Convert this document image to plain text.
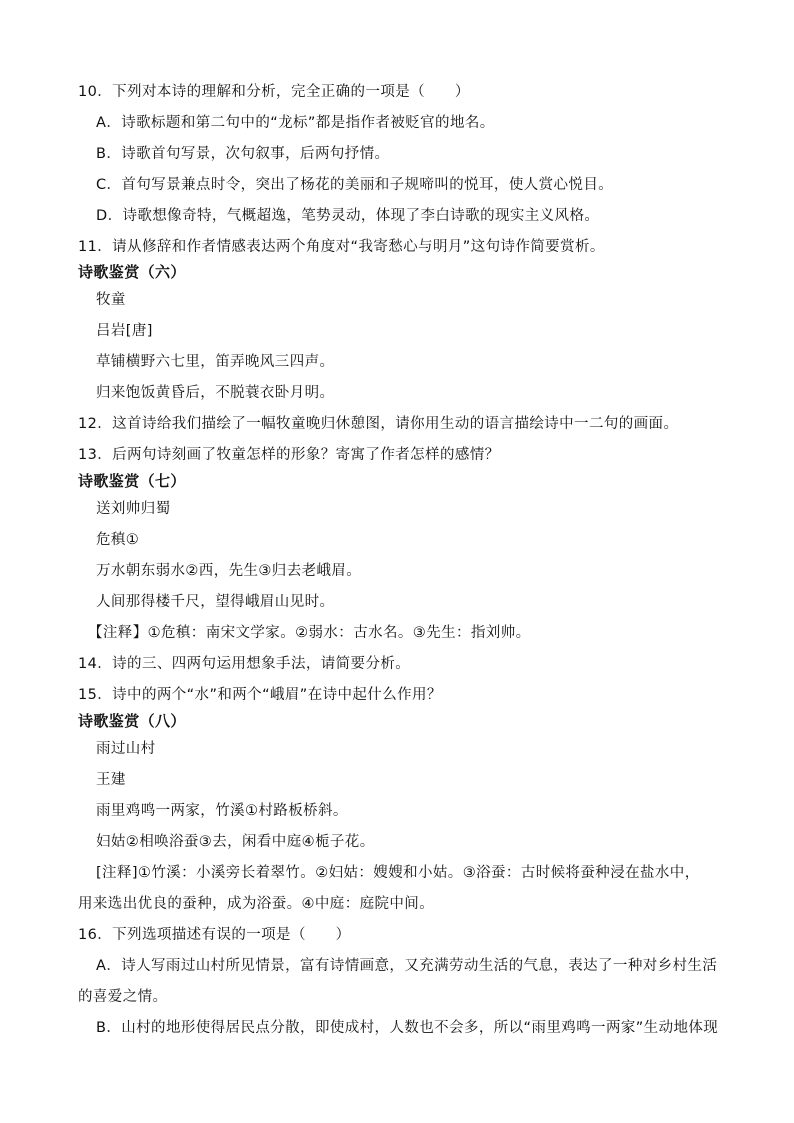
10．下列对本诗的理解和分析，完全正确的一项是（　　）
A．诗歌标题和第二句中的“龙标”都是指作者被贬官的地名。
B．诗歌首句写景，次句叙事，后两句抒情。
C．首句写景兼点时令，突出了杨花的美丽和子规啼叫的悦耳，使人赏心悦目。
D．诗歌想像奇特，气概超逸，笔势灵动，体现了李白诗歌的现实主义风格。
11．请从修辞和作者情感表达两个角度对“我寄愁心与明月”这句诗作简要赏析。
诗歌鉴赏（六）
牧童
吕岩[唐]
草铺横野六七里，笛弄晚风三四声。
归来饱饭黄昏后，不脱蓑衣卧月明。
12．这首诗给我们描绘了一幅牧童晚归休憩图，请你用生动的语言描绘诗中一二句的画面。
13．后两句诗刻画了牧童怎样的形象？寄寓了作者怎样的感情？
诗歌鉴赏（七）
送刘帅归蜀
危稹①
万水朝东弱水②西，先生③归去老峨眉。
人间那得楼千尺，望得峨眉山见时。
【注释】①危稹：南宋文学家。②弱水：古水名。③先生：指刘帅。
14．诗的三、四两句运用想象手法，请简要分析。
15．诗中的两个“水”和两个“峨眉”在诗中起什么作用？
诗歌鉴赏（八）
雨过山村
王建
雨里鸡鸣一两家，竹溪①村路板桥斜。
妇姑②相唤浴蚕③去，闲看中庭④栀子花。
[注释]①竹溪：小溪旁长着翠竹。②妇姑：嫂嫂和小姑。③浴蚕：古时候将蚕种浸在盐水中，
用来选出优良的蚕种，成为浴蚕。④中庭：庭院中间。
16．下列选项描述有误的一项是（　　）
A．诗人写雨过山村所见情景，富有诗情画意，又充满劳动生活的气息，表达了一种对乡村生活
的喜爱之情。
B．山村的地形使得居民点分散，即使成村，人数也不会多，所以“雨里鸡鸣一两家”生动地体现
